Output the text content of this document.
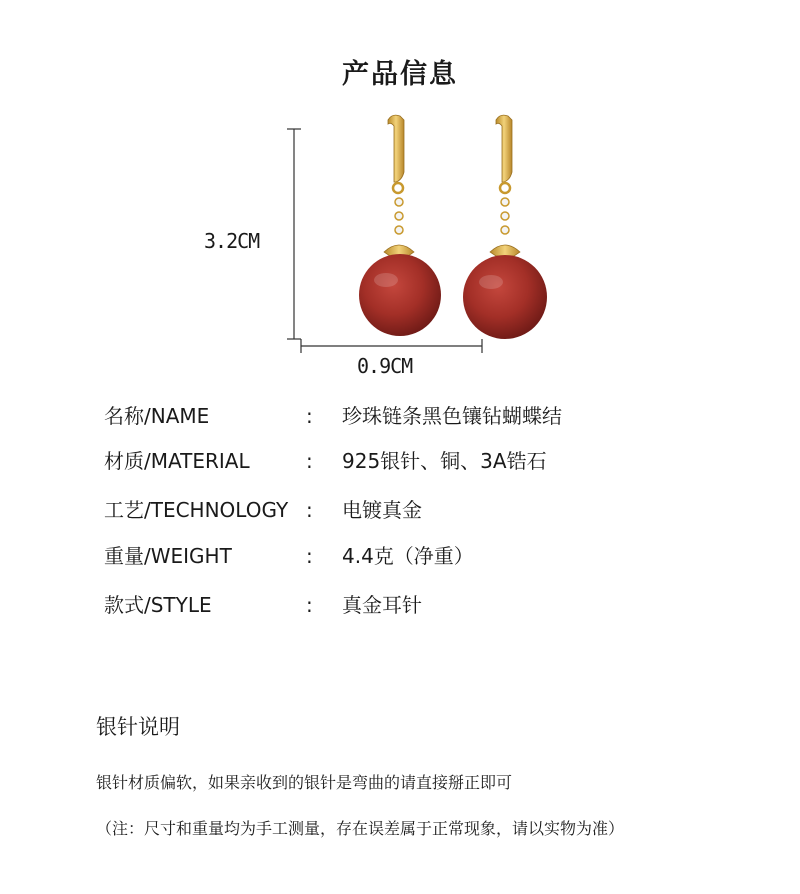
产品信息
3.2CM
0.9CM
名称/NAME	: 珍珠链条黑色镶钻蝴蝶结
材质/MATERIAL	: 925银针、铜、3A锆石
工艺/TECHNOLOGY : 电镀真金
重量/WEIGHT	: 4.4克（净重）
款式/STYLE	: 真金耳针
银针说明
银针材质偏软，如果亲收到的银针是弯曲的请直接掰正即可
（注：尺寸和重量均为手工测量，存在误差属于正常现象，请以实物为准）
